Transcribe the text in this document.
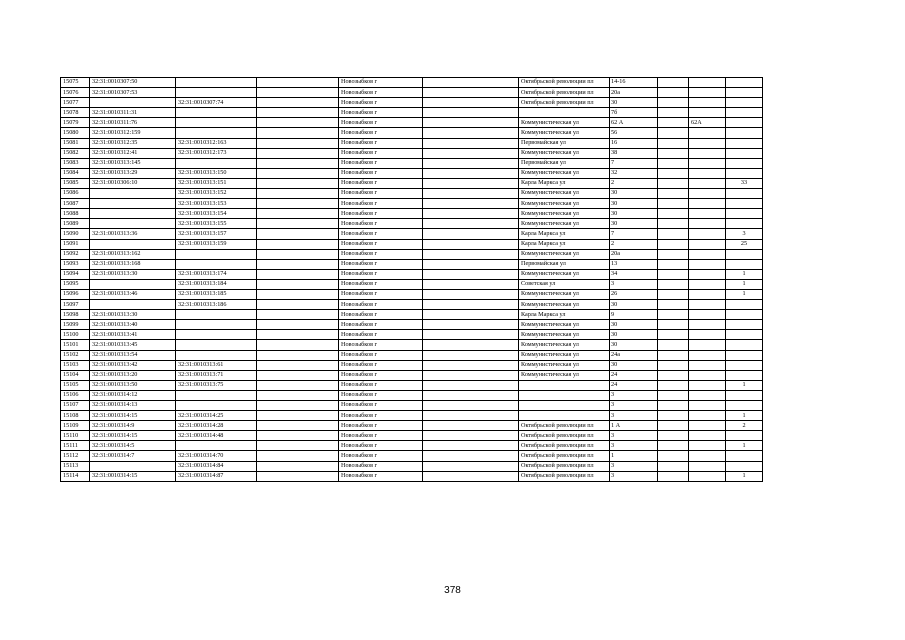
15075	32:31:0010307:50			Новозыбков г		Октябрьской революции пл	14-16			
15076	32:31:0010307:53			Новозыбков г		Октябрьской революции пл	20а			
15077		32:31:0010307:74		Новозыбков г		Октябрьской революции пл	30			
15078	32:31:0010311:31			Новозыбков г			7б			
15079	32:31:0010311:76			Новозыбков г		Коммунистическая ул	62 А		62А	
15080	32:31:0010312:159			Новозыбков г		Коммунистическая ул	56			
15081	32:31:0010312:35	32:31:0010312:163		Новозыбков г		Первомайская ул	16			
15082	32:31:0010312:41	32:31:0010312:173		Новозыбков г		Коммунистическая ул	38			
15083	32:31:0010313:145			Новозыбков г		Первомайская ул	7			
15084	32:31:0010313:29	32:31:0010313:150		Новозыбков г		Коммунистическая ул	32			
15085	32:31:0010306:10	32:31:0010313:151		Новозыбков г		Карла Маркса ул	2			33
15086		32:31:0010313:152		Новозыбков г		Коммунистическая ул	30			
15087		32:31:0010313:153		Новозыбков г		Коммунистическая ул	30			
15088		32:31:0010313:154		Новозыбков г		Коммунистическая ул	30			
15089		32:31:0010313:155		Новозыбков г		Коммунистическая ул	30			
15090	32:31:0010313:36	32:31:0010313:157		Новозыбков г		Карла Маркса ул	7			3
15091		32:31:0010313:159		Новозыбков г		Карла Маркса ул	2			25
15092	32:31:0010313:162			Новозыбков г		Коммунистическая ул	20а			
15093	32:31:0010313:168			Новозыбков г		Первомайская ул	13			
15094	32:31:0010313:30	32:31:0010313:174		Новозыбков г		Коммунистическая ул	34			1
15095		32:31:0010313:184		Новозыбков г		Советская ул	3			1
15096	32:31:0010313:46	32:31:0010313:185		Новозыбков г		Коммунистическая ул	26			1
15097		32:31:0010313:186		Новозыбков г		Коммунистическая ул	30			
15098	32:31:0010313:30			Новозыбков г		Карла Маркса ул	9			
15099	32:31:0010313:40			Новозыбков г		Коммунистическая ул	30			
15100	32:31:0010313:41			Новозыбков г		Коммунистическая ул	30			
15101	32:31:0010313:45			Новозыбков г		Коммунистическая ул	30			
15102	32:31:0010313:54			Новозыбков г		Коммунистическая ул	24а			
15103	32:31:0010313:42	32:31:0010313:61		Новозыбков г		Коммунистическая ул	30			
15104	32:31:0010313:20	32:31:0010313:71		Новозыбков г		Коммунистическая ул	24			
15105	32:31:0010313:50	32:31:0010313:75		Новозыбков г			24			1
15106	32:31:0010314:12			Новозыбков г			3			
15107	32:31:0010314:13			Новозыбков г			3			
15108	32:31:0010314:15	32:31:0010314:25		Новозыбков г			3			1
15109	32:31:0010314:9	32:31:0010314:28		Новозыбков г		Октябрьской революции пл	1 А			2
15110	32:31:0010314:15	32:31:0010314:48		Новозыбков г		Октябрьской революции пл	3			
15111	32:31:0010314:5			Новозыбков г		Октябрьской революции пл	3			1
15112	32:31:0010314:7	32:31:0010314:70		Новозыбков г		Октябрьской революции пл	1			
15113		32:31:0010314:84		Новозыбков г		Октябрьской революции пл	3			
15114	32:31:0010314:15	32:31:0010314:87		Новозыбков г		Октябрьской революции пл	3			1
378
